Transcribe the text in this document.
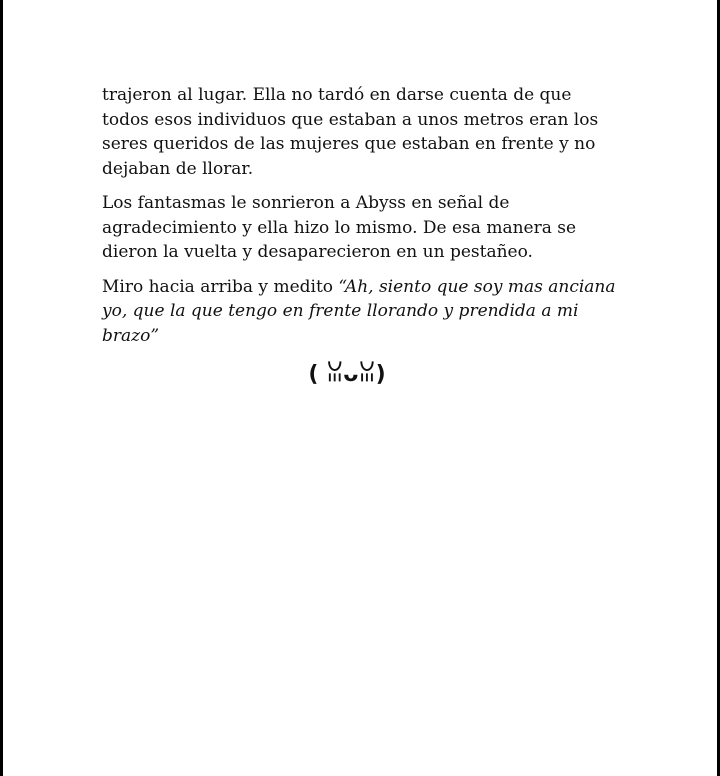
trajeron al lugar. Ella no tardó en darse cuenta de que todos esos individuos que estaban a unos metros eran los seres queridos de las mujeres que estaban en frente y no dejaban de llorar.

Los fantasmas le sonrieron a Abyss en señal de agradecimiento y ella hizo lo mismo. De esa manera se dieron la vuelta y desaparecieron en un pestañeo.

Miro hacia arriba y medito “Ah, siento que soy mas anciana yo, que la que tengo en frente llorando y prendida a mi brazo”

( ꈍᴗꈍ)
